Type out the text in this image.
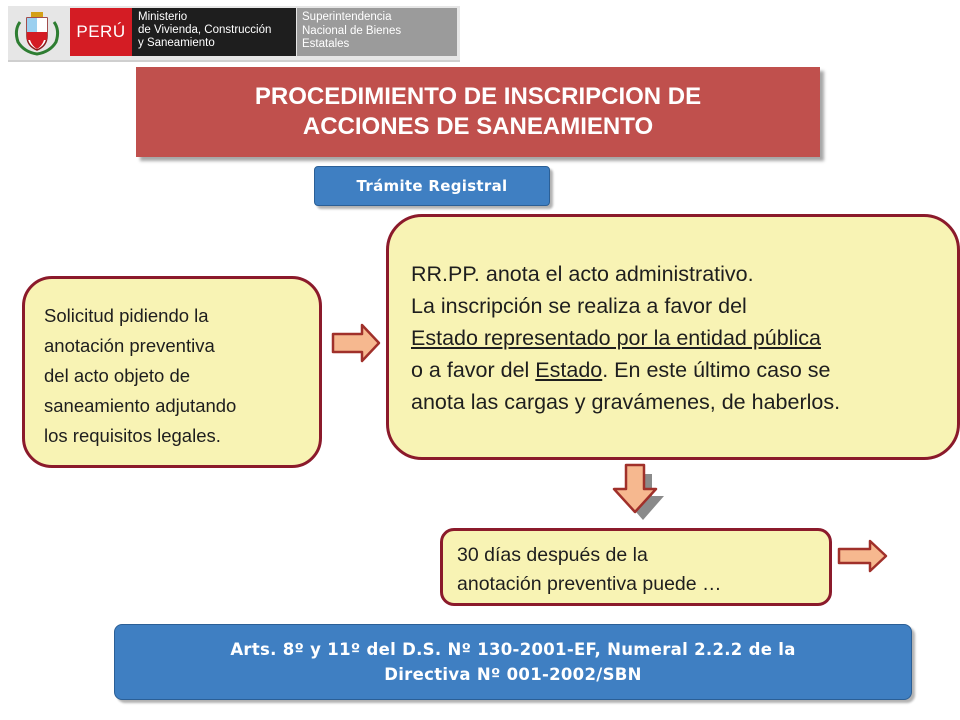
PERÚ
Ministerio
de Vivienda, Construcción
y Saneamiento
Superintendencia
Nacional de Bienes
Estatales
PROCEDIMIENTO DE INSCRIPCION DE
ACCIONES DE SANEAMIENTO
Trámite Registral
Solicitud pidiendo la
anotación preventiva
del acto objeto de
saneamiento adjutando
los requisitos legales.
RR.PP. anota el acto administrativo.
La inscripción se realiza a favor del
Estado representado por la entidad pública
o a favor del Estado. En este último caso se
anota las cargas y gravámenes, de haberlos.
30 días después de la
anotación preventiva puede …
Arts. 8º y 11º del D.S. Nº 130-2001-EF, Numeral 2.2.2 de la
Directiva Nº 001-2002/SBN
